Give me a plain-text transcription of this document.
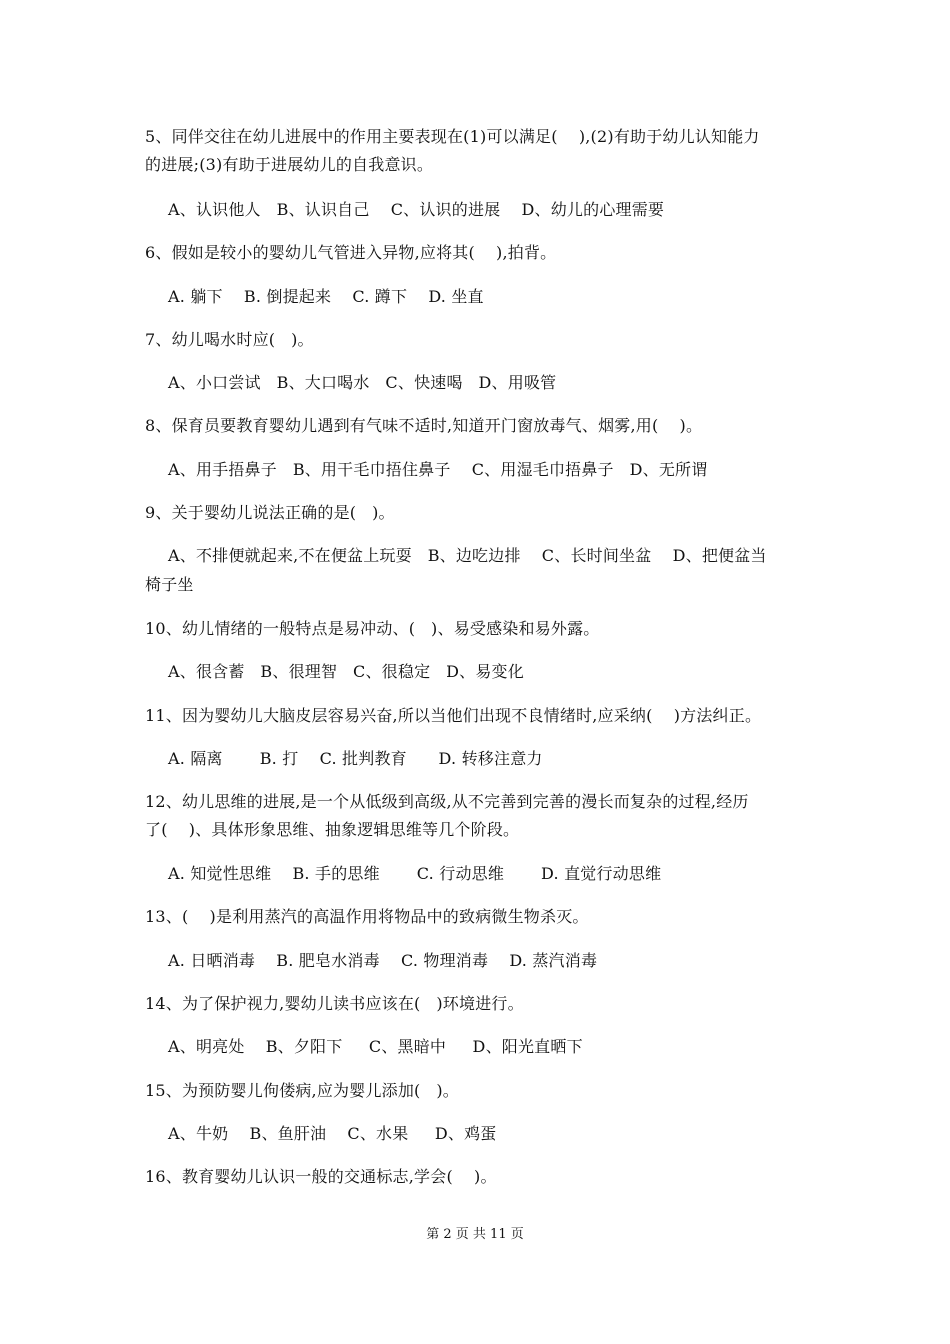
5、同伴交往在幼儿进展中的作用主要表现在(1)可以满足(    ),(2)有助于幼儿认知能力
的进展;(3)有助于进展幼儿的自我意识。
A、认识他人   B、认识自己    C、认识的进展    D、幼儿的心理需要
6、假如是较小的婴幼儿气管进入异物,应将其(    ),拍背。
A. 躺下    B. 倒提起来    C. 蹲下    D. 坐直
7、幼儿喝水时应(   )。
A、小口尝试   B、大口喝水   C、快速喝   D、用吸管
8、保育员要教育婴幼儿遇到有气味不适时,知道开门窗放毒气、烟雾,用(    )。
A、用手捂鼻子   B、用干毛巾捂住鼻子    C、用湿毛巾捂鼻子   D、无所谓
9、关于婴幼儿说法正确的是(   )。
A、不排便就起来,不在便盆上玩耍   B、边吃边排    C、长时间坐盆    D、把便盆当
椅子坐
10、幼儿情绪的一般特点是易冲动、(   )、易受感染和易外露。
A、很含蓄   B、很理智   C、很稳定   D、易变化
11、因为婴幼儿大脑皮层容易兴奋,所以当他们出现不良情绪时,应采纳(    )方法纠正。
A. 隔离       B. 打    C. 批判教育      D. 转移注意力
12、幼儿思维的进展,是一个从低级到高级,从不完善到完善的漫长而复杂的过程,经历
了(    )、具体形象思维、抽象逻辑思维等几个阶段。
A. 知觉性思维    B. 手的思维       C. 行动思维       D. 直觉行动思维
13、(    )是利用蒸汽的高温作用将物品中的致病微生物杀灭。
A. 日晒消毒    B. 肥皂水消毒    C. 物理消毒    D. 蒸汽消毒
14、为了保护视力,婴幼儿读书应该在(   )环境进行。
A、明亮处    B、夕阳下     C、黑暗中     D、阳光直晒下
15、为预防婴儿佝偻病,应为婴儿添加(   )。
A、牛奶    B、鱼肝油    C、水果     D、鸡蛋
16、教育婴幼儿认识一般的交通标志,学会(    )。
第 2 页 共 11 页
